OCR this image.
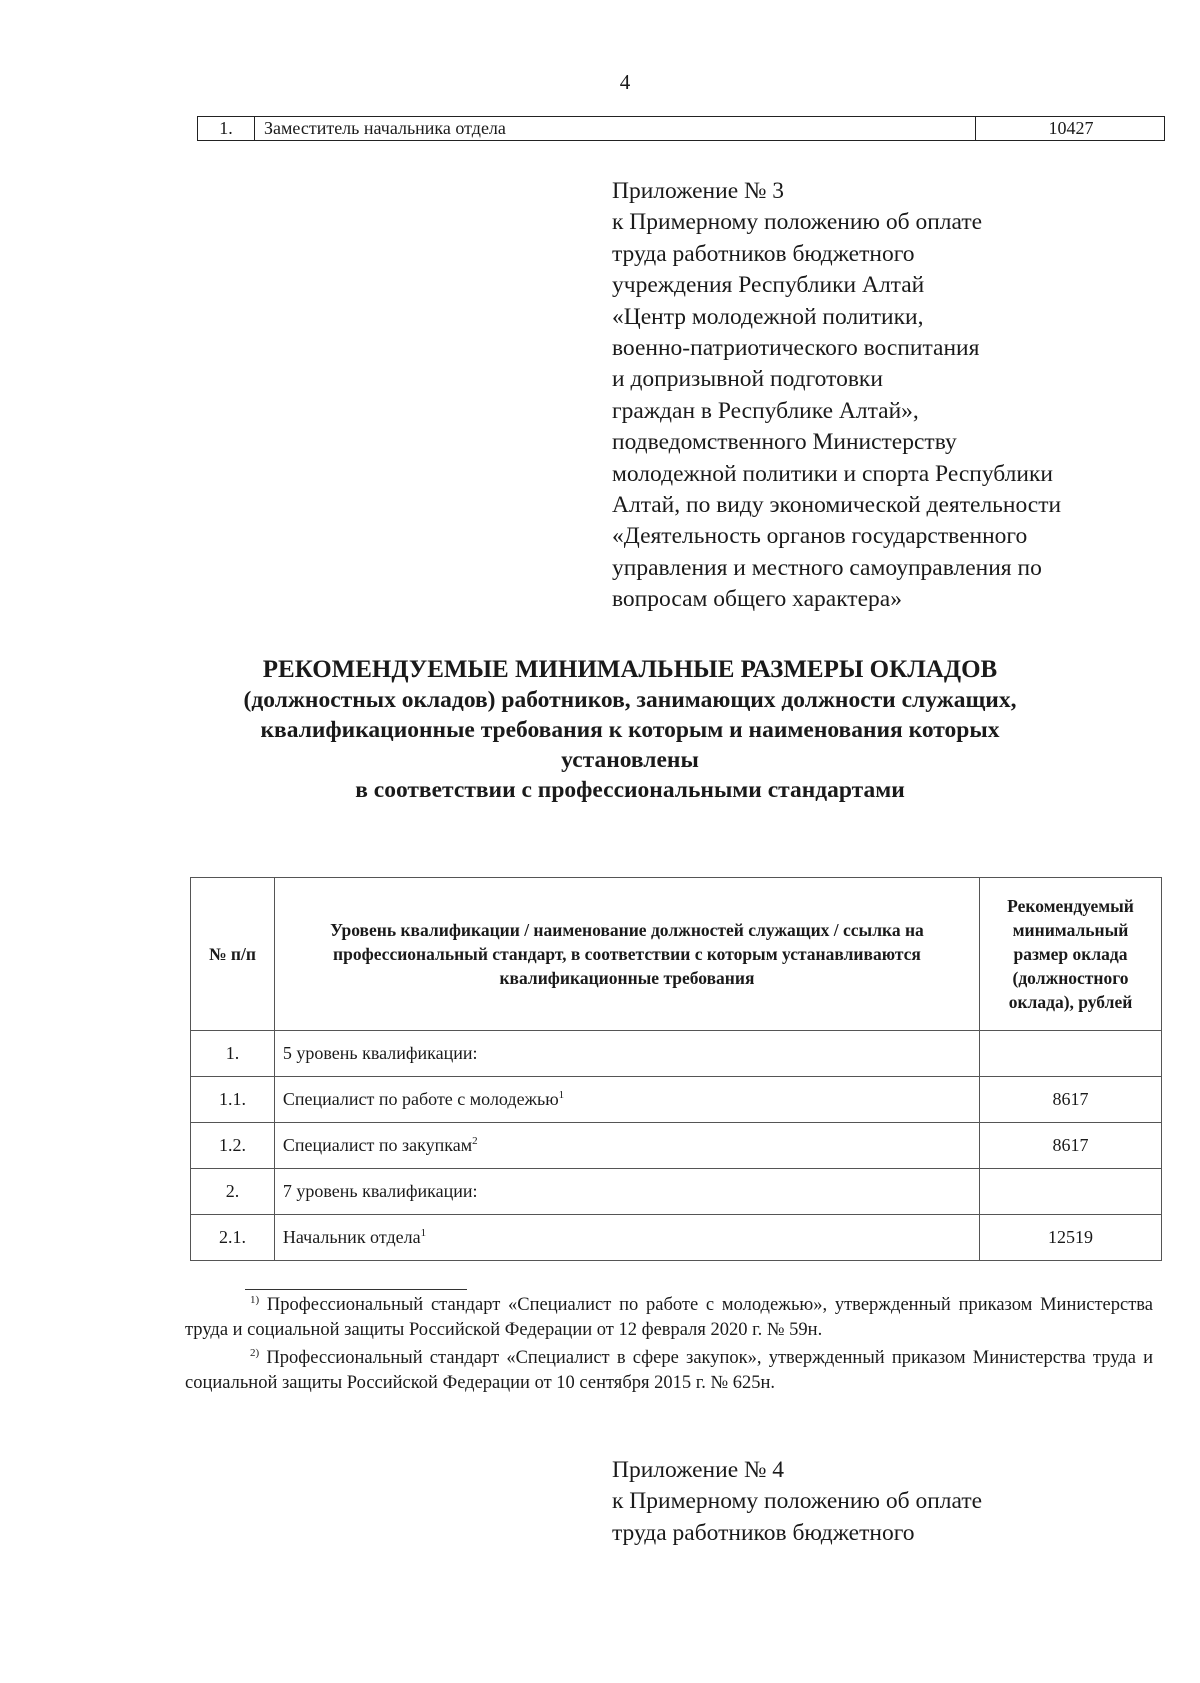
4
1.	Заместитель начальника отдела	10427
Приложение № 3
к Примерному положению об оплате
труда работников бюджетного
учреждения Республики Алтай
«Центр молодежной политики,
военно-патриотического воспитания
и допризывной подготовки
граждан в Республике Алтай»,
подведомственного Министерству
молодежной политики и спорта Республики
Алтай, по виду экономической деятельности
«Деятельность органов государственного
управления и местного самоуправления по
вопросам общего характера»
РЕКОМЕНДУЕМЫЕ МИНИМАЛЬНЫЕ РАЗМЕРЫ ОКЛАДОВ
(должностных окладов) работников, занимающих должности служащих,
квалификационные требования к которым и наименования которых
установлены
в соответствии с профессиональными стандартами
№ п/п	Уровень квалификации / наименование должностей служащих / ссылка на профессиональный стандарт, в соответствии с которым устанавливаются квалификационные требования	Рекомендуемый минимальный размер оклада (должностного оклада), рублей
1.	5 уровень квалификации:	
1.1.	Специалист по работе с молодежью$^1$	8617
1.2.	Специалист по закупкам$^2$	8617
2.	7 уровень квалификации:	
2.1.	Начальник отдела$^1$	12519

$^{1)}$ Профессиональный стандарт «Специалист по работе с молодежью», утвержденный приказом Министерства труда и социальной защиты Российской Федерации от 12 февраля 2020 г. № 59н.

$^{2)}$ Профессиональный стандарт «Специалист в сфере закупок», утвержденный приказом Министерства труда и социальной защиты Российской Федерации от 10 сентября 2015 г. № 625н.

Приложение № 4
к Примерному положению об оплате
труда работников бюджетного
